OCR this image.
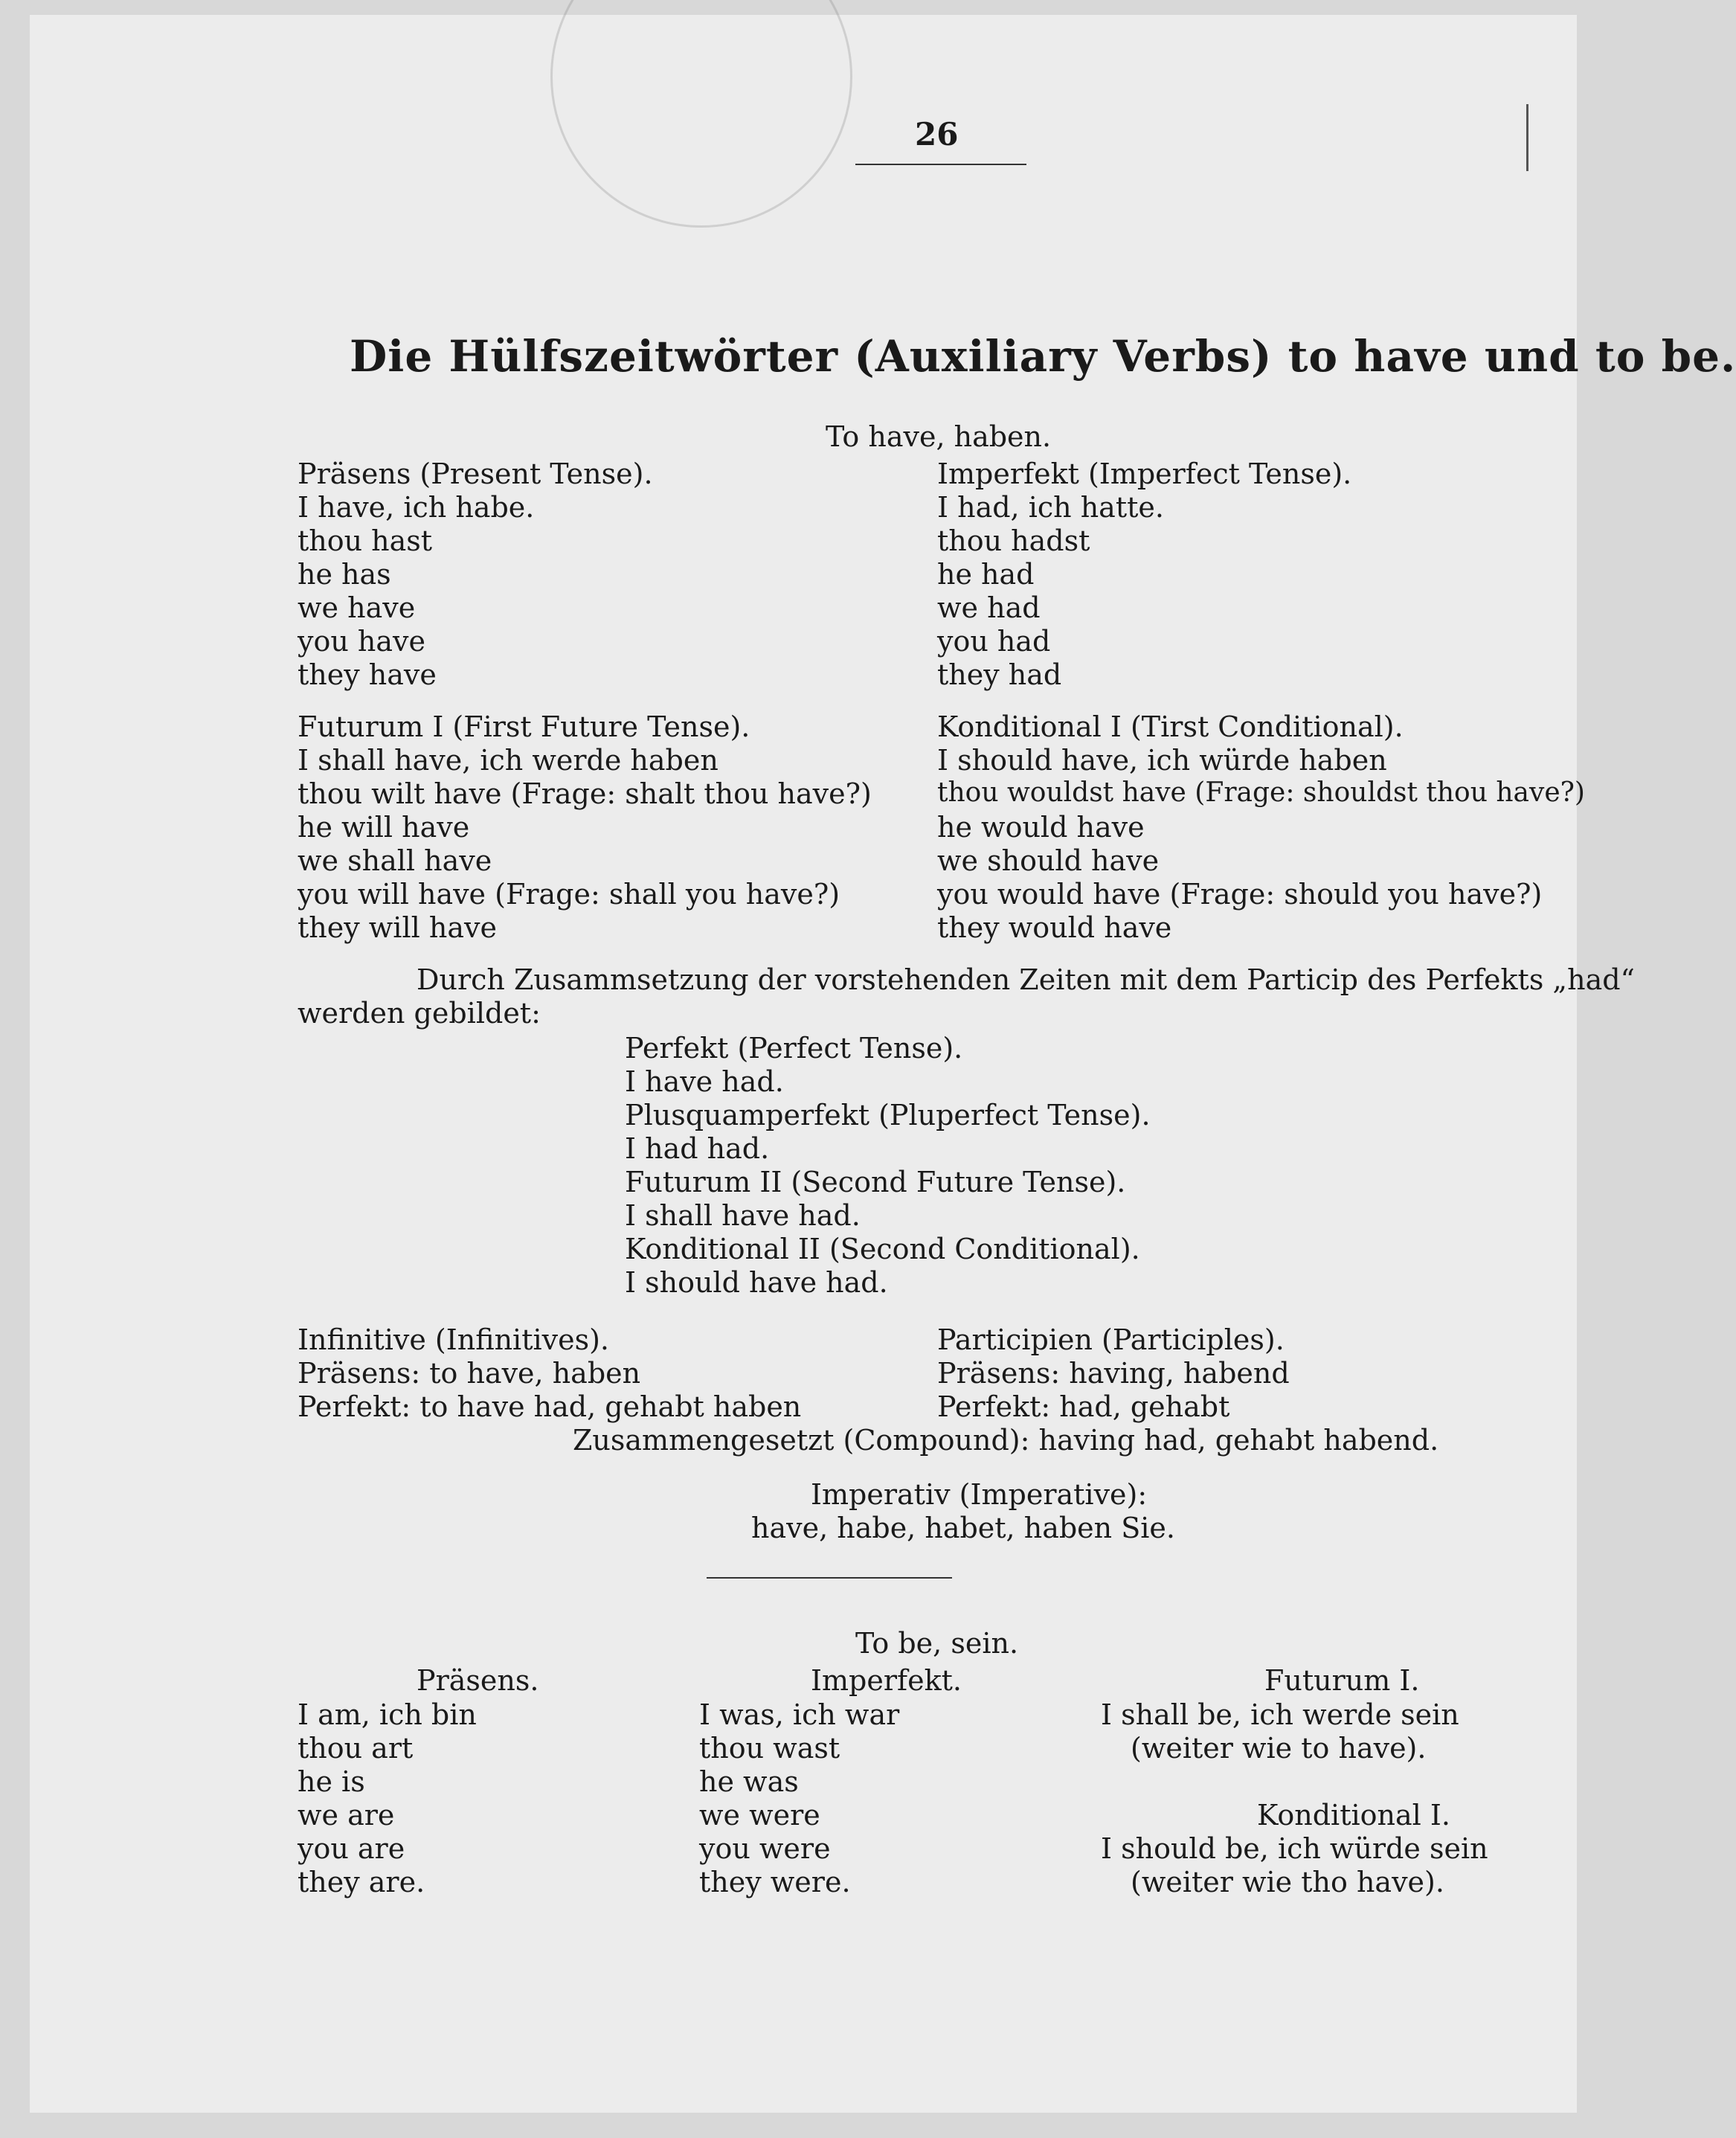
26
Die Hülfszeitwörter (Auxiliary Verbs) to have und to be.
To have, haben.
Präsens (Present Tense).
I have, ich habe.
thou hast
he has
we have
you have
they have
Imperfekt (Imperfect Tense).
I had, ich hatte.
thou hadst
he had
we had
you had
they had
Futurum I (First Future Tense).
I shall have, ich werde haben
thou wilt have (Frage: shalt thou have?)
he will have
we shall have
you will have (Frage: shall you have?)
they will have
Konditional I (Tirst Conditional).
I should have, ich würde haben
thou wouldst have (Frage: shouldst thou have?)
he would have
we should have
you would have (Frage: should you have?)
they would have
Durch Zusammsetzung der vorstehenden Zeiten mit dem Particip des Perfekts „had“
werden gebildet:
Perfekt (Perfect Tense).
I have had.
Plusquamperfekt (Pluperfect Tense).
I had had.
Futurum II (Second Future Tense).
I shall have had.
Konditional II (Second Conditional).
I should have had.
Infinitive (Infinitives).
Präsens: to have, haben
Perfekt: to have had, gehabt haben
Participien (Participles).
Präsens: having, habend
Perfekt: had, gehabt
Zusammengesetzt (Compound): having had, gehabt habend.
Imperativ (Imperative):
have, habe, habet, haben Sie.
To be, sein.
Präsens.
I am, ich bin
thou art
he is
we are
you are
they are.
Imperfekt.
I was, ich war
thou wast
he was
we were
you were
they were.
Futurum I.
I shall be, ich werde sein
(weiter wie to have).
Konditional I.
I should be, ich würde sein
(weiter wie tho have).
